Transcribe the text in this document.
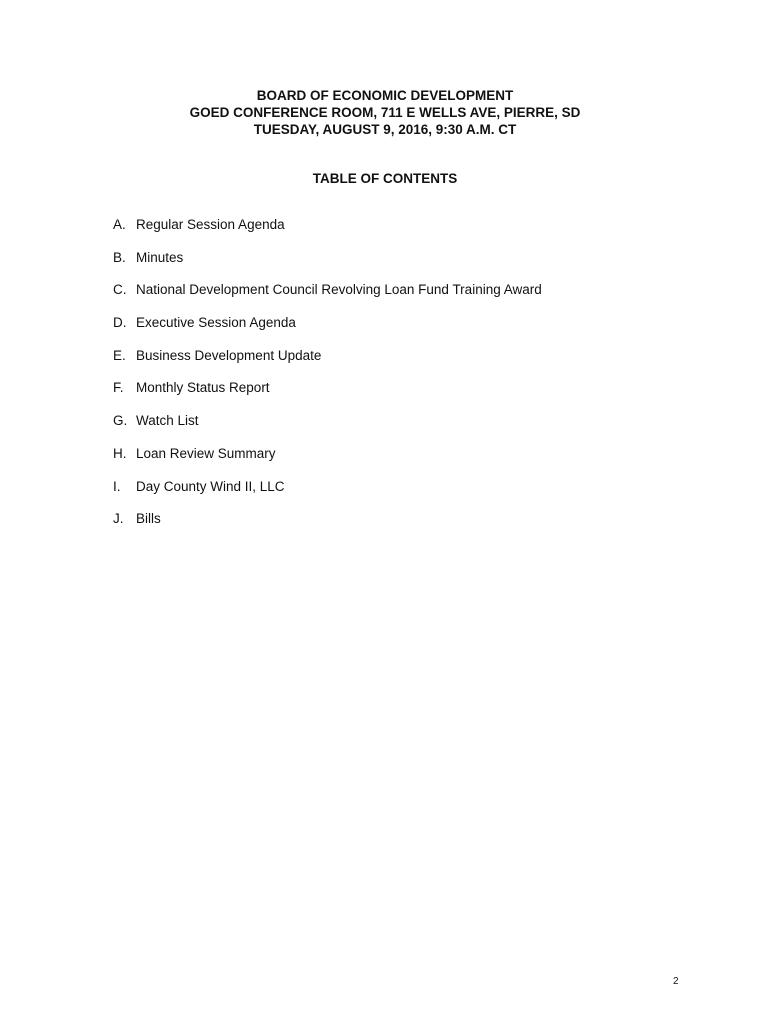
BOARD OF ECONOMIC DEVELOPMENT
GOED CONFERENCE ROOM, 711 E WELLS AVE, PIERRE, SD
TUESDAY, AUGUST 9, 2016, 9:30 A.M. CT
TABLE OF CONTENTS
A. Regular Session Agenda
B. Minutes
C. National Development Council Revolving Loan Fund Training Award
D. Executive Session Agenda
E. Business Development Update
F. Monthly Status Report
G. Watch List
H. Loan Review Summary
I.	Day County Wind II, LLC
J. Bills
2
